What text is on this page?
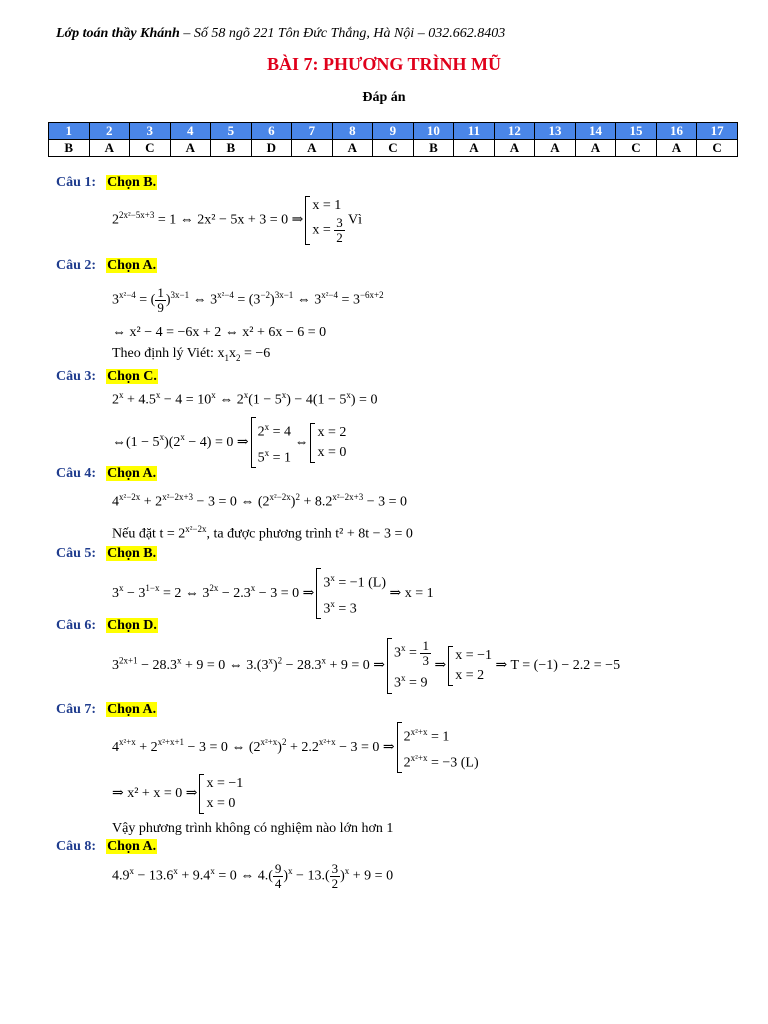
Lớp toán thầy Khánh – Số 58 ngõ 221 Tôn Đức Thắng, Hà Nội – 032.662.8403
BÀI 7: PHƯƠNG TRÌNH MŨ
Đáp án
1	2	3	4	5	6	7	8	9	10	11	12	13	14	15	16	17
B	A	C	A	B	D	A	A	C	B	A	A	A	A	C	A	C
Câu 1: Chọn B.
$2^{2x^2-5x+3} = 1$ ⇔ 2x² − 5x + 3 = 0 ⇒
x = 1
$x = \frac{3}{2}$ Vì
Câu 2: Chọn A.
$3^{x^2-4}$ = ( $\frac{1}{9} )^{3x-1}$ ⇔ $3^{x^2-4} = (3^{-2})^{3x-1}$ ⇔ $3^{x^2-4} = 3^{-6x+2}$
⇔ x² − 4 = −6x + 2 ⇔ x² + 6x − 6 = 0
Theo định lý Viét: $x_1x_2 = -6$
Câu 3: Chọn C.
$2^x + 4.5^x - 4 = 10^x$ ⇔ $2^x(1 - 5^x) - 4(1 - 5^x) = 0$
⇔(1 − $5^x)(2^x - 4) = 0$ ⇒
$2^x = 4$
$5^x = 1$
⇔
x = 2
x = 0
Câu 4: Chọn A.
$4^{x^2-2x} + 2^{x^2-2x+3} - 3 = 0$ ⇔ $(2^{x^2-2x})^2 + 8.2^{x^2-2x+3} - 3 = 0$
Nếu đặt $t = 2^{x^2-2x}$, ta được phương trình t² + 8t − 3 = 0
Câu 5: Chọn B.
$3^x - 3^{1-x} = 2$ ⇔ $3^{2x} - 2.3^x - 3 = 0$ ⇒
$3^x = -1$ (L)
$3^x = 3$
⇒ x = 1
Câu 6: Chọn D.
$3^{2x+1} - 28.3^x + 9 = 0$ ⇔ $3.(3^x)^2 - 28.3^x + 9 = 0$ ⇒
$3^x = \frac{1}{3}$
$3^x = 9$
⇒
x = −1
x = 2
⇒ T = (−1) − 2.2 = −5
Câu 7: Chọn A.
$4^{x^2+x} + 2^{x^2+x+1} - 3 = 0$ ⇔ $(2^{x^2+x})^2 + 2.2^{x^2+x} - 3 = 0$ ⇒
$2^{x^2+x} = 1$
$2^{x^2+x} = -3$ (L)
⇒ x² + x = 0 ⇒
x = −1
x = 0
Vậy phương trình không có nghiệm nào lớn hơn 1
Câu 8: Chọn A.
$4.9^x - 13.6^x + 9.4^x = 0$ ⇔ $4.( \frac{9}{4} )^x - 13.( \frac{3}{2} )^x + 9 = 0$
